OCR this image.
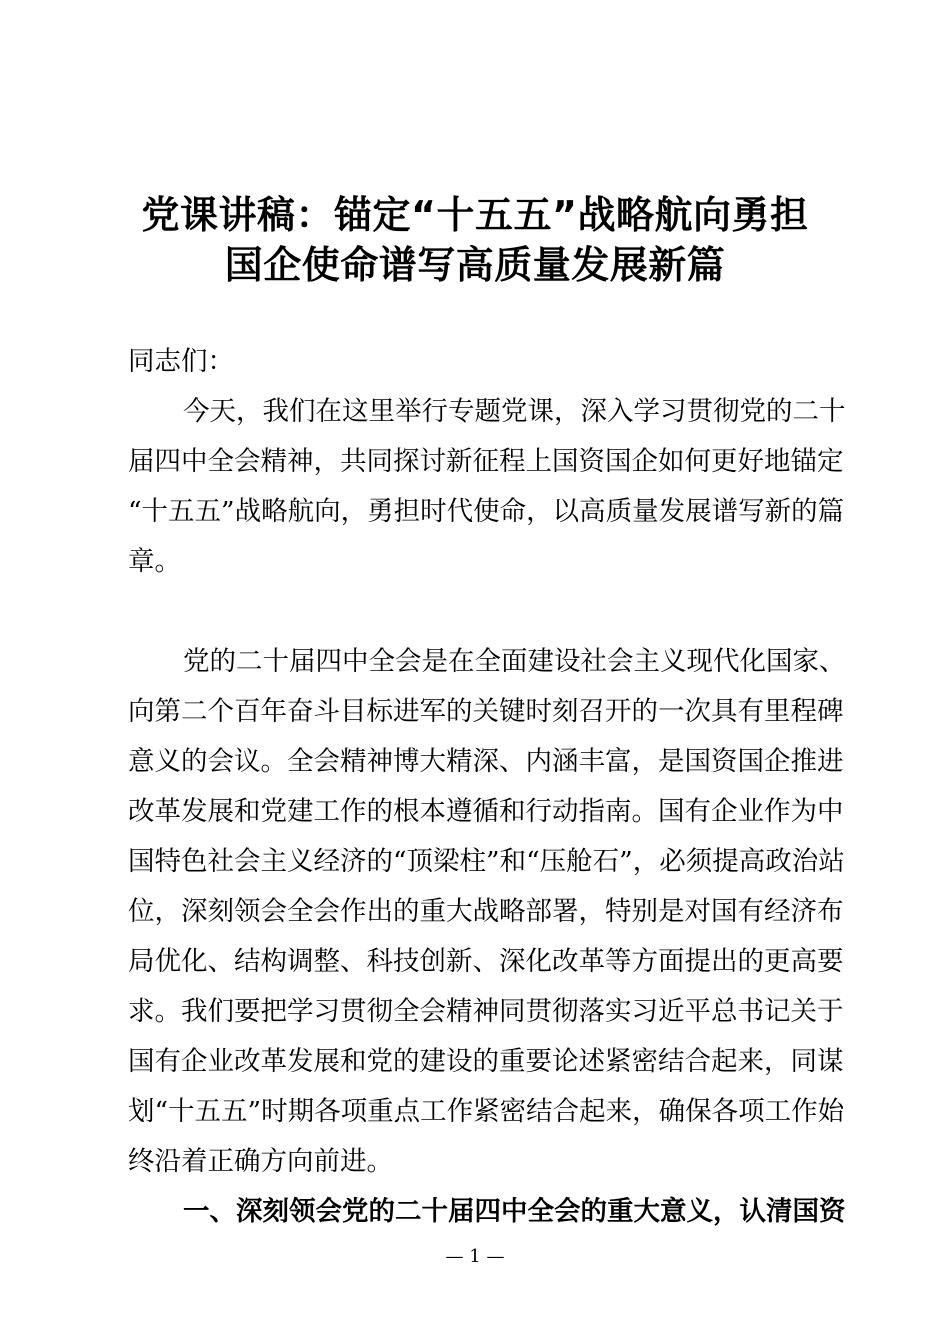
党课讲稿：锚定“十五五”战略航向勇担
国企使命谱写高质量发展新篇
同志们：
今天，我们在这里举行专题党课，深入学习贯彻党的二十
届四中全会精神，共同探讨新征程上国资国企如何更好地锚定
“十五五”战略航向，勇担时代使命，以高质量发展谱写新的篇
章。
党的二十届四中全会是在全面建设社会主义现代化国家、
向第二个百年奋斗目标进军的关键时刻召开的一次具有里程碑
意义的会议。全会精神博大精深、内涵丰富，是国资国企推进
改革发展和党建工作的根本遵循和行动指南。国有企业作为中
国特色社会主义经济的“顶梁柱”和“压舱石”，必须提高政治站
位，深刻领会全会作出的重大战略部署，特别是对国有经济布
局优化、结构调整、科技创新、深化改革等方面提出的更高要
求。我们要把学习贯彻全会精神同贯彻落实习近平总书记关于
国有企业改革发展和党的建设的重要论述紧密结合起来，同谋
划“十五五”时期各项重点工作紧密结合起来，确保各项工作始
终沿着正确方向前进。
一、深刻领会党的二十届四中全会的重大意义，认清国资
— 1 —
